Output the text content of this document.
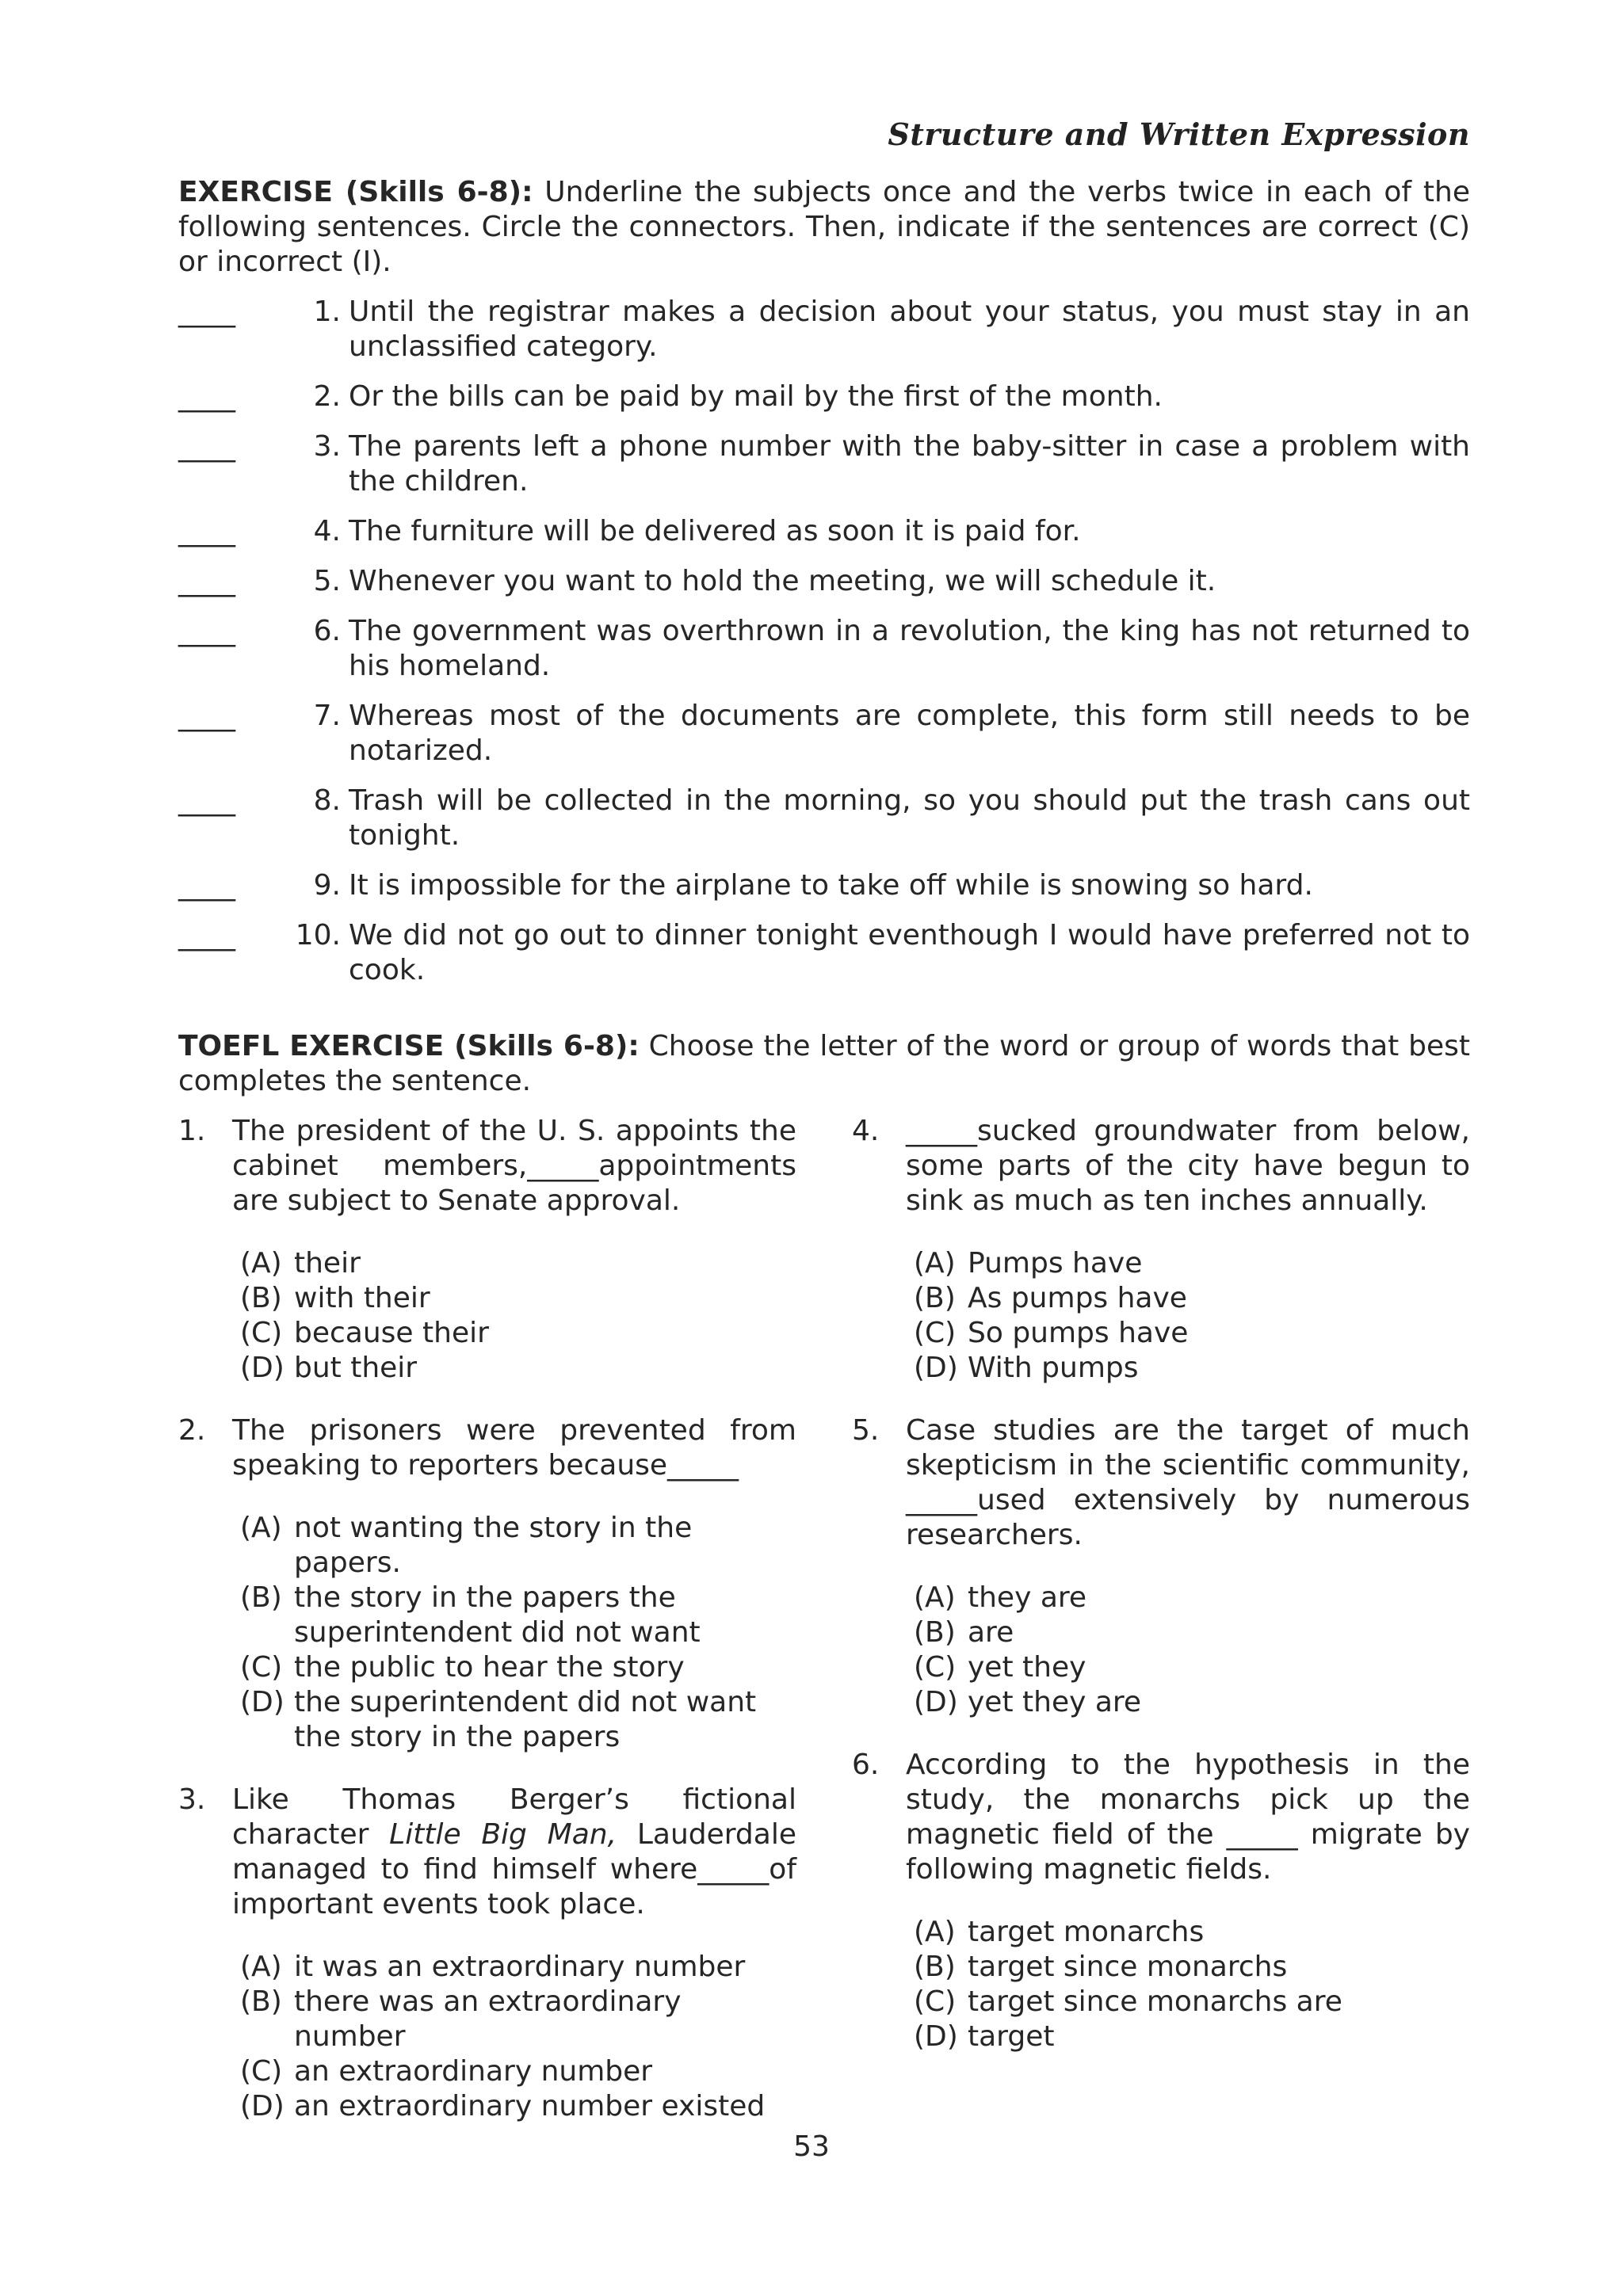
Structure and Written Expression
EXERCISE (Skills 6-8): Underline the subjects once and the verbs twice in each of the following sentences. Circle the connectors. Then, indicate if the sentences are correct (C) or incorrect (I).
____	1. Until the registrar makes a decision about your status, you must stay in an unclassified category.
____	2. Or the bills can be paid by mail by the first of the month.
____	3. The parents left a phone number with the baby-sitter in case a problem with the children.
____	4. The furniture will be delivered as soon it is paid for.
____	5. Whenever you want to hold the meeting, we will schedule it.
____	6. The government was overthrown in a revolution, the king has not returned to his homeland.
____	7. Whereas most of the documents are complete, this form still needs to be notarized.
____	8. Trash will be collected in the morning, so you should put the trash cans out tonight.
____	9. It is impossible for the airplane to take off while is snowing so hard.
____	10. We did not go out to dinner tonight eventhough I would have preferred not to cook.
TOEFL EXERCISE (Skills 6-8): Choose the letter of the word or group of words that best completes the sentence.
1. The president of the U. S. appoints the cabinet members,_____appointments are subject to Senate approval.
(A) their
(B) with their
(C) because their
(D) but their
2. The prisoners were prevented from speaking to reporters because_____
(A) not wanting the story in the papers.
(B) the story in the papers the superintendent did not want
(C) the public to hear the story
(D) the superintendent did not want the story in the papers
3. Like Thomas Berger’s fictional character Little Big Man, Lauderdale managed to find himself where_____of important events took place.
(A) it was an extraordinary number
(B) there was an extraordinary number
(C) an extraordinary number
(D) an extraordinary number existed
4. _____sucked groundwater from below, some parts of the city have begun to sink as much as ten inches annually.
(A) Pumps have
(B) As pumps have
(C) So pumps have
(D) With pumps
5. Case studies are the target of much skepticism in the scientific community, _____used extensively by numerous researchers.
(A) they are
(B) are
(C) yet they
(D) yet they are
6. According to the hypothesis in the study, the monarchs pick up the magnetic field of the _____ migrate by following magnetic fields.
(A) target monarchs
(B) target since monarchs
(C) target since monarchs are
(D) target
53
